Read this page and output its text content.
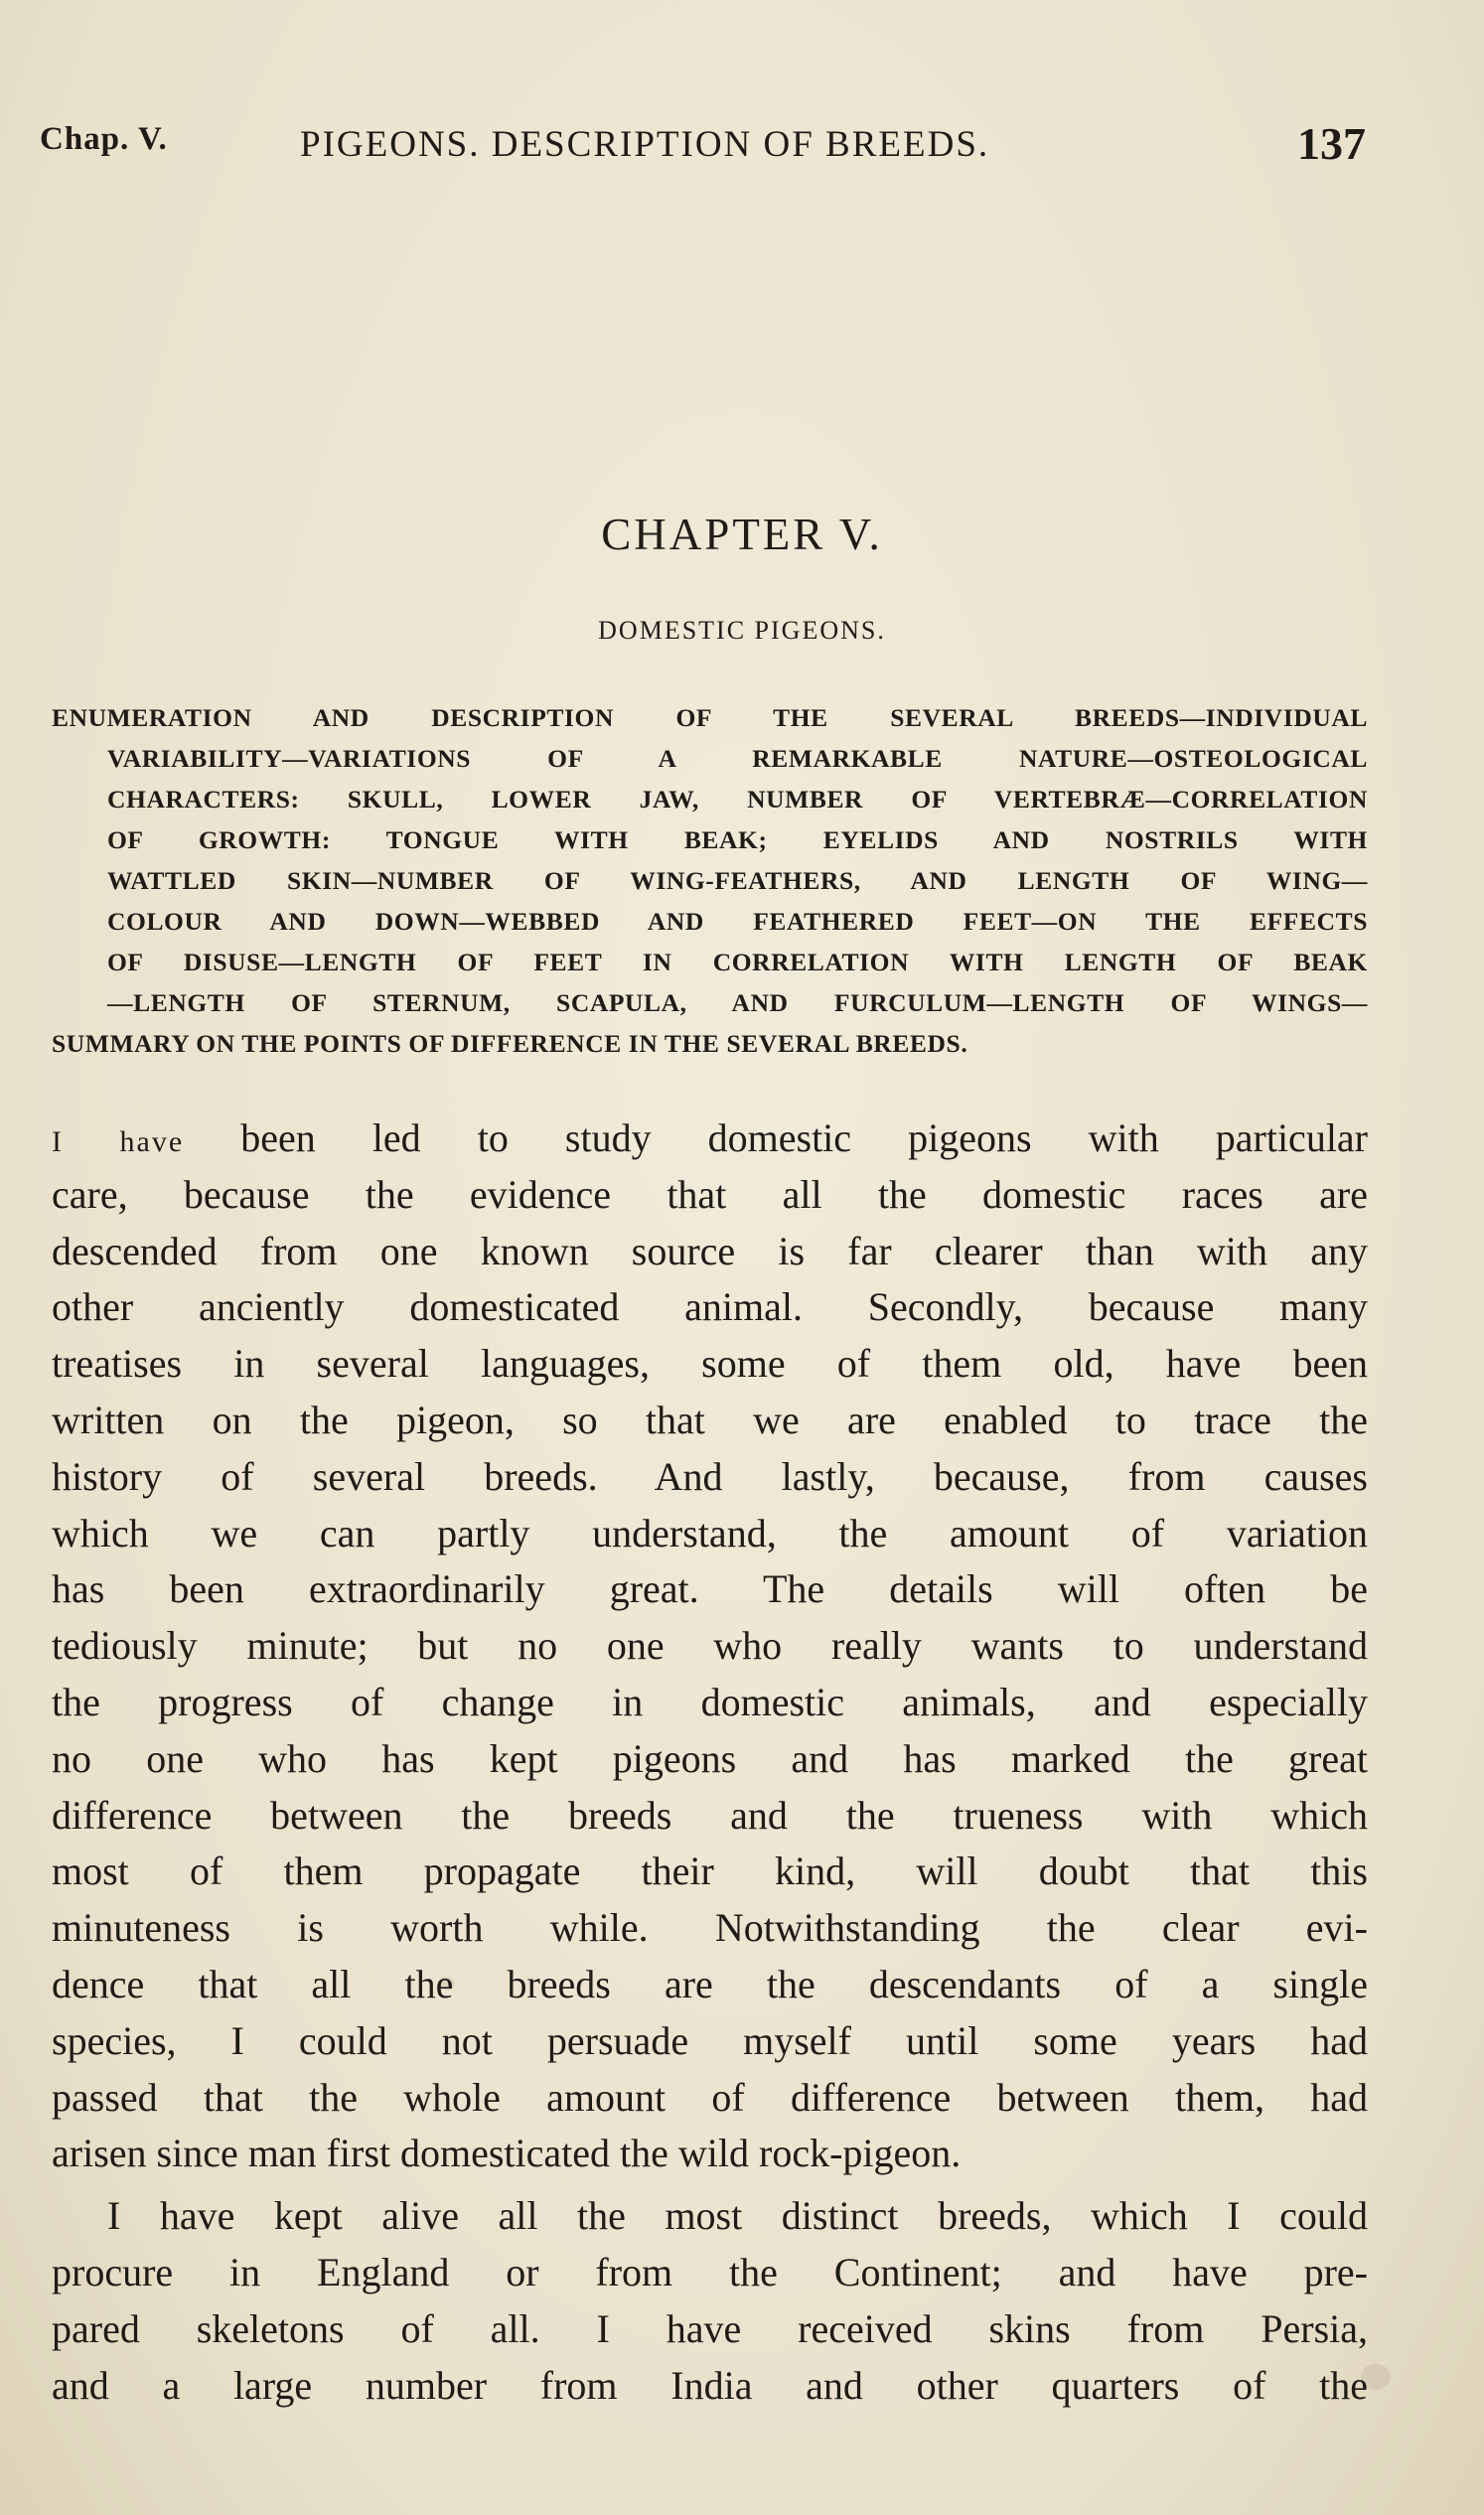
Chap. V.	PIGEONS. DESCRIPTION OF BREEDS.	137
CHAPTER V.
DOMESTIC PIGEONS.
ENUMERATION AND DESCRIPTION OF THE SEVERAL BREEDS—INDIVIDUAL
VARIABILITY—VARIATIONS OF A REMARKABLE NATURE—OSTEOLOGICAL
CHARACTERS: SKULL, LOWER JAW, NUMBER OF VERTEBRÆ—CORRELATION
OF GROWTH: TONGUE WITH BEAK; EYELIDS AND NOSTRILS WITH
WATTLED SKIN—NUMBER OF WING-FEATHERS, AND LENGTH OF WING—
COLOUR AND DOWN—WEBBED AND FEATHERED FEET—ON THE EFFECTS
OF DISUSE—LENGTH OF FEET IN CORRELATION WITH LENGTH OF BEAK
—LENGTH OF STERNUM, SCAPULA, AND FURCULUM—LENGTH OF WINGS—
SUMMARY ON THE POINTS OF DIFFERENCE IN THE SEVERAL BREEDS.
I have been led to study domestic pigeons with particular
care, because the evidence that all the domestic races are
descended from one known source is far clearer than with any
other anciently domesticated animal. Secondly, because many
treatises in several languages, some of them old, have been
written on the pigeon, so that we are enabled to trace the
history of several breeds. And lastly, because, from causes
which we can partly understand, the amount of variation
has been extraordinarily great. The details will often be
tediously minute; but no one who really wants to understand
the progress of change in domestic animals, and especially
no one who has kept pigeons and has marked the great
difference between the breeds and the trueness with which
most of them propagate their kind, will doubt that this
minuteness is worth while. Notwithstanding the clear evi-
dence that all the breeds are the descendants of a single
species, I could not persuade myself until some years had
passed that the whole amount of difference between them, had
arisen since man first domesticated the wild rock-pigeon.
I have kept alive all the most distinct breeds, which I could
procure in England or from the Continent; and have pre-
pared skeletons of all. I have received skins from Persia,
and a large number from India and other quarters of the
